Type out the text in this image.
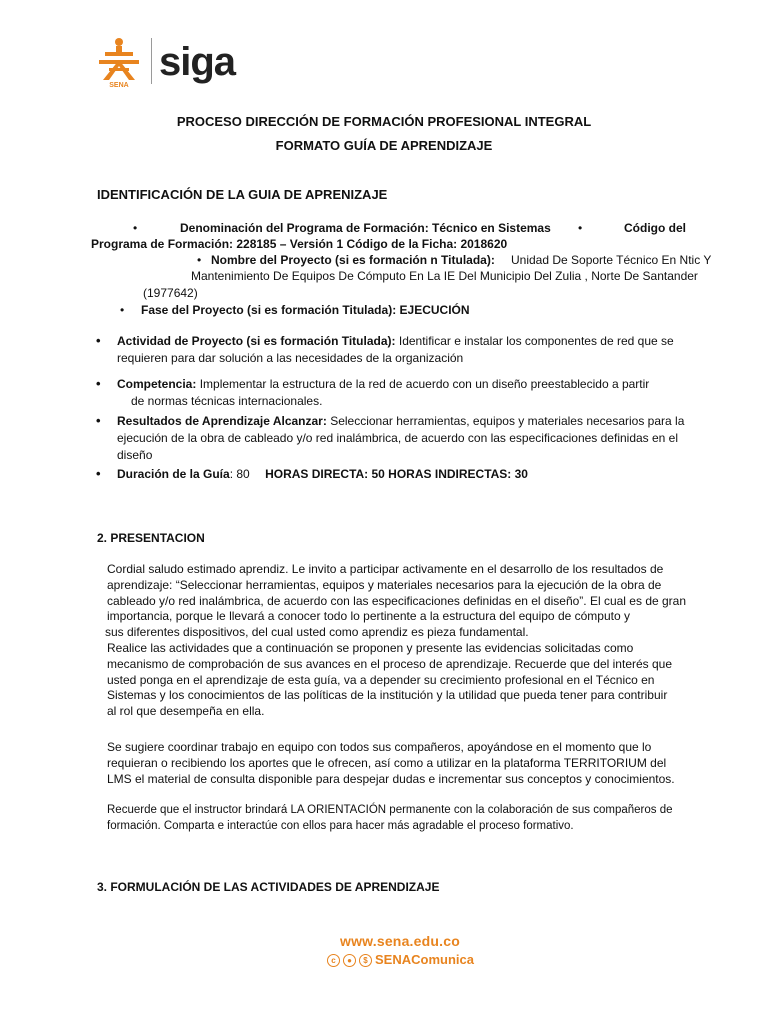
SENA
siga
PROCESO DIRECCIÓN DE FORMACIÓN PROFESIONAL INTEGRAL
FORMATO GUÍA DE APRENDIZAJE
IDENTIFICACIÓN DE LA GUIA DE APRENIZAJE
•	Denominación del Programa de Formación: Técnico en Sistemas •	Código del
Programa de Formación: 228185 – Versión 1 Código de la Ficha: 2018620
• Nombre del Proyecto (si es formación n Titulada): Unidad De Soporte Técnico En Ntic Y
Mantenimiento De Equipos De Cómputo En La IE Del Municipio Del Zulia , Norte De Santander
(1977642)
• Fase del Proyecto (si es formación Titulada): EJECUCIÓN
• Actividad de Proyecto (si es formación Titulada): Identificar e instalar los componentes de red que se
requieren para dar solución a las necesidades de la organización
• Competencia: Implementar la estructura de la red de acuerdo con un diseño preestablecido a partir
de normas técnicas internacionales.
• Resultados de Aprendizaje Alcanzar: Seleccionar herramientas, equipos y materiales necesarios para la
ejecución de la obra de cableado y/o red inalámbrica, de acuerdo con las especificaciones definidas en el
diseño
• Duración de la Guía: 80 HORAS DIRECTA: 50 HORAS INDIRECTAS: 30
2. PRESENTACION
Cordial saludo estimado aprendiz. Le invito a participar activamente en el desarrollo de los resultados de
aprendizaje: “Seleccionar herramientas, equipos y materiales necesarios para la ejecución de la obra de
cableado y/o red inalámbrica, de acuerdo con las especificaciones definidas en el diseño”. El cual es de gran
importancia, porque le llevará a conocer todo lo pertinente a la estructura del equipo de cómputo y
sus diferentes dispositivos, del cual usted como aprendiz es pieza fundamental.
Realice las actividades que a continuación se proponen y presente las evidencias solicitadas como
mecanismo de comprobación de sus avances en el proceso de aprendizaje. Recuerde que del interés que
usted ponga en el aprendizaje de esta guía, va a depender su crecimiento profesional en el Técnico en
Sistemas y los conocimientos de las políticas de la institución y la utilidad que pueda tener para contribuir
al rol que desempeña en ella.
Se sugiere coordinar trabajo en equipo con todos sus compañeros, apoyándose en el momento que lo
requieran o recibiendo los aportes que le ofrecen, así como a utilizar en la plataforma TERRITORIUM del
LMS el material de consulta disponible para despejar dudas e incrementar sus conceptos y conocimientos.
Recuerde que el instructor brindará LA ORIENTACIÓN permanente con la colaboración de sus compañeros de
formación. Comparta e interactúe con ellos para hacer más agradable el proceso formativo.
3. FORMULACIÓN DE LAS ACTIVIDADES DE APRENDIZAJE
www.sena.edu.co
c ● $ SENAComunica
